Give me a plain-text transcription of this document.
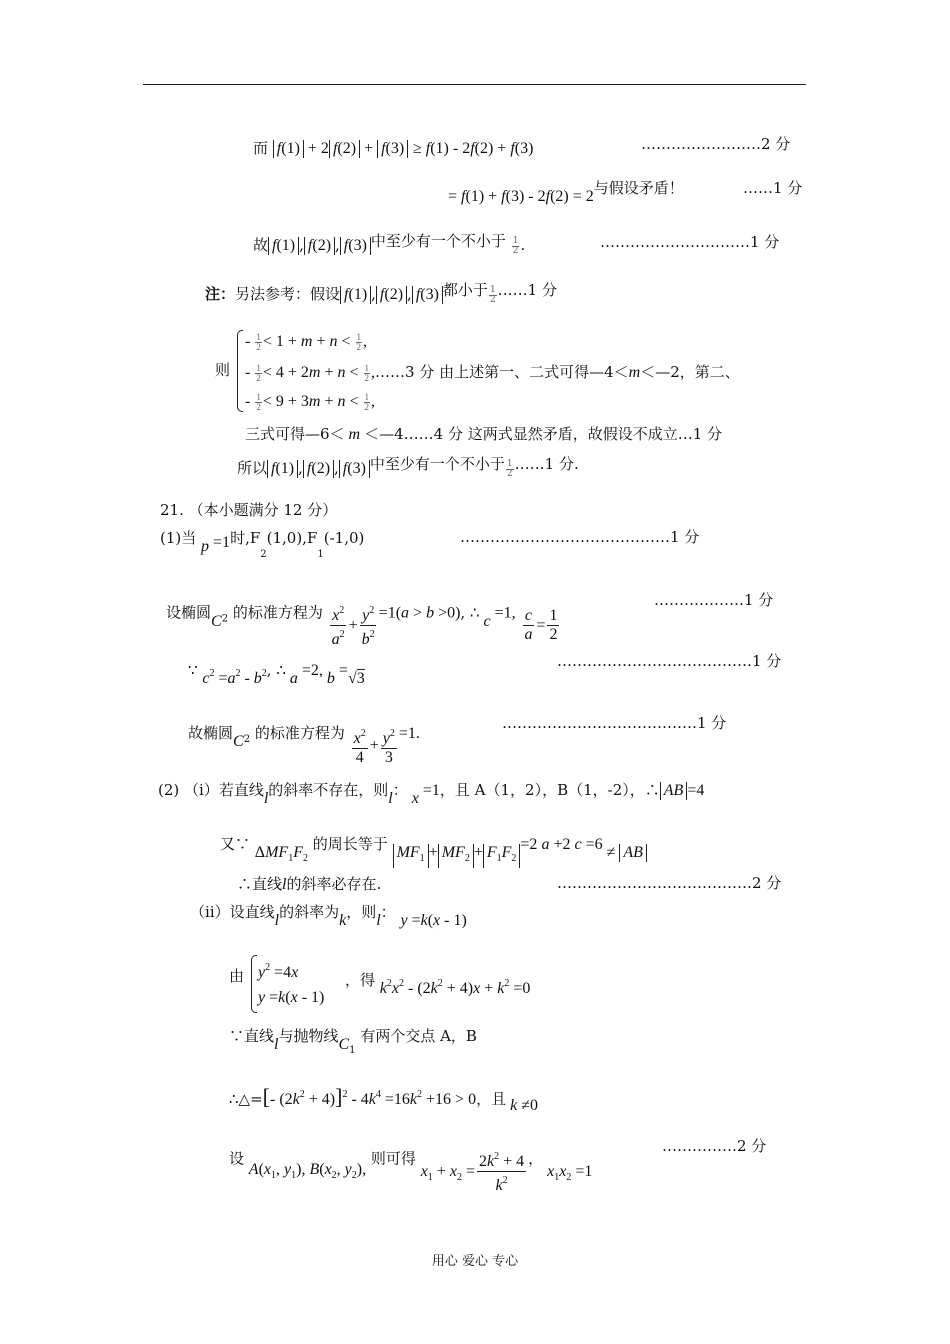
而 f(1) + 2 f(2) + f(3) ≥ f(1) - 2f(2) + f(3)	……………………2 分
= f(1) + f(3) - 2f(2) = 2与假设矛盾！	……1 分
故 f(1) , f(2) , f(3) 中至少有一个不小于 $\frac{1}{2}$ .	…………………………1 分
注：另法参考：假设 f(1) , f(2) , f(3) 都小于 $\frac{1}{2}$ ……1 分
则
- $\frac{1}{2} < 1 + m + n < \frac{1}{2}$ ,
- $\frac{1}{2} < 4 + 2m + n < \frac{1}{2}$ ,……3 分 由上述第一、二式可得—4＜m＜—2，第二、
- $\frac{1}{2} < 9 + 3m + n < \frac{1}{2}$ ,
三式可得—6＜ m ＜—4……4 分 这两式显然矛盾，故假设不成立…1 分
所以 f(1) , f(2) , f(3) 中至少有一个不小于 $\frac{1}{2}$ ……1 分.
21. （本小题满分 12 分）
(1)当 p =1时$,F_2(1,0),F_1(-1,0)$	……………………………………1 分
设椭圆$C_2$ 的标准方程为 $\frac{x^2}{a^2} + \frac{y^2}{b^2} =1(a > b >0)$, ∴ c =1, $\frac{c}{a} = \frac{1}{2}$
………………1 分
∵ $c^2 =a^2 - b^2$, ∴ a =2, b =√3
…………………………………1 分
故椭圆$C_2$ 的标准方程为 $\frac{x^2}{4} + \frac{y^2}{3} =1$.
…………………………………1 分
(2) （ⅰ）若直线l的斜率不存在，则l： x =1，且 A（1，2），B（1，-2），∴ AB =4
又∵ $\Delta MF_1F_2$ 的周长等于 $MF_1 + MF_2 + F_1F_2=2$ a +2 c =6 ≠ AB
∴直线l的斜率必存在.	…………………………………2 分
（ⅱ）设直线l的斜率为k，则l： y =k(x - 1)
由 $y^2 =4x$
y =k(x - 1)
，得 $k^2x^2 - (2k^2 + 4)x + k^2 =0$
∵直线l与抛物线$C_1$ 有两个交点 A，B
∴△=[- $(2k^2 + 4)]^2 - 4k^4 =16k^2 +16 > 0$，且 k ≠0
设 $A(x_1$, $y_1$), $B(x_2$, $y_2$), 则可得 $x_1 + x_2 = \frac{2k^2 + 4}{k^2}$ ， $x_1x_2 =1$
……………2 分
用心 爱心 专心
